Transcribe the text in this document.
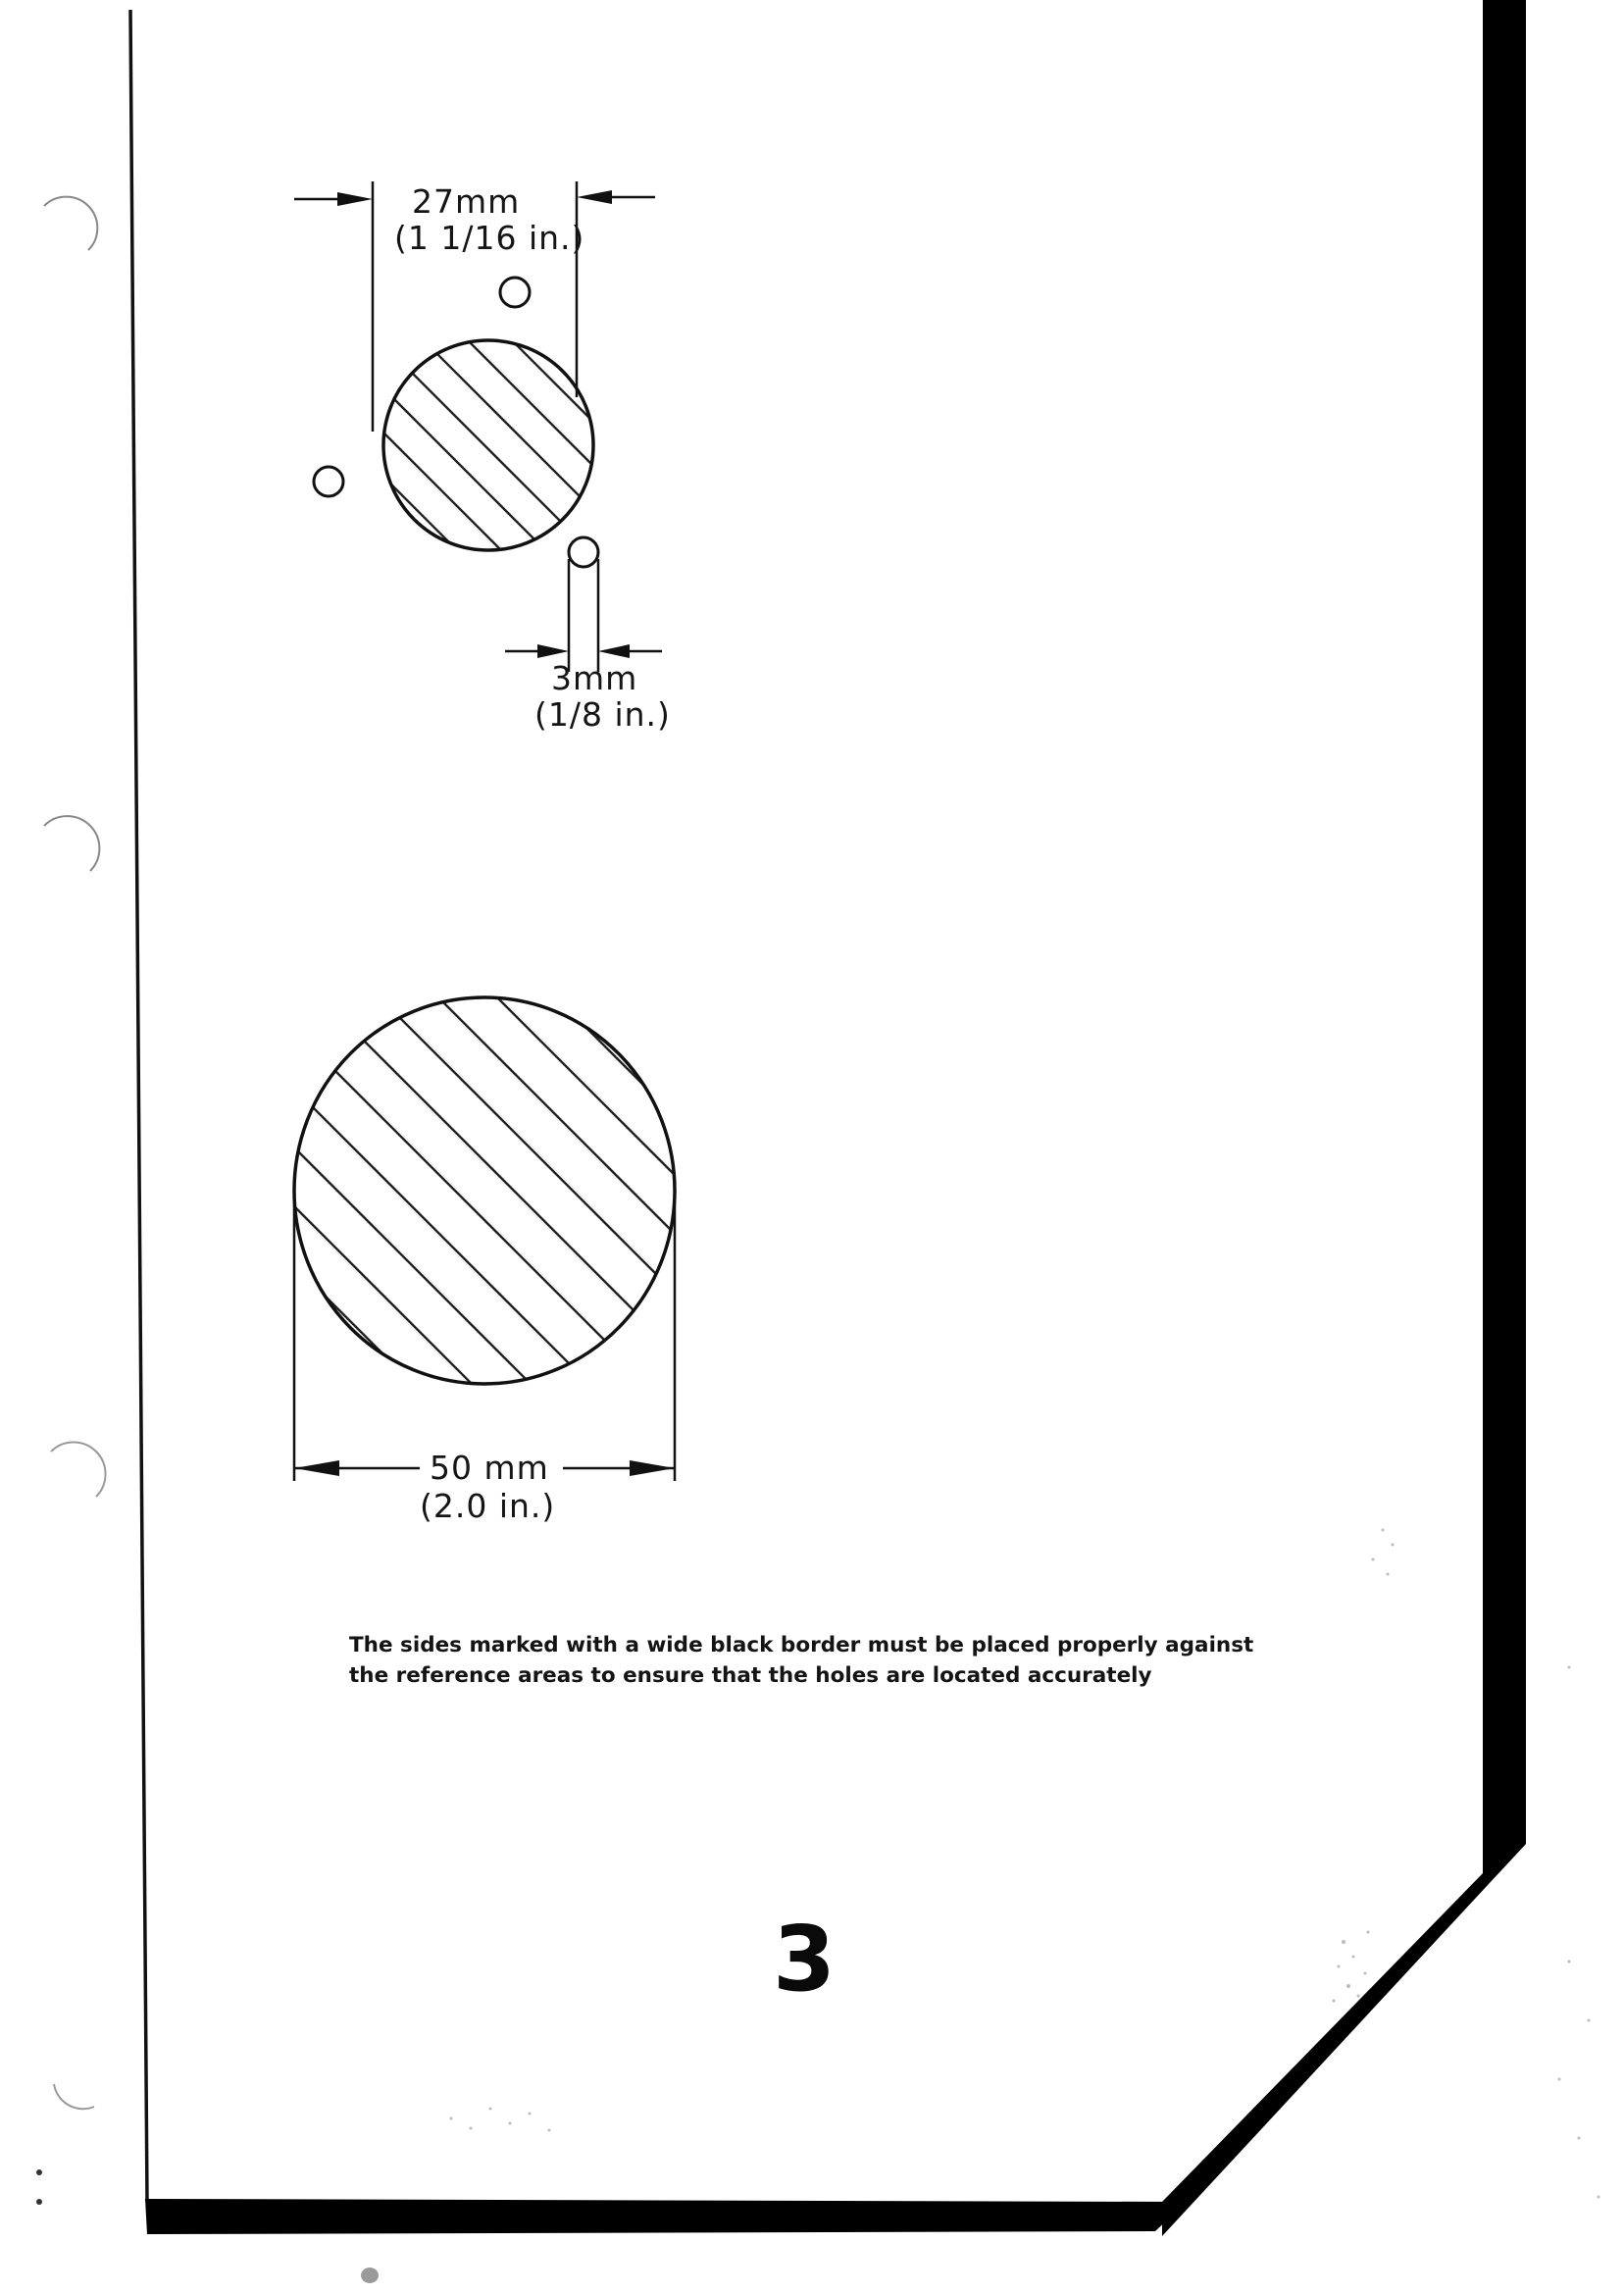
27mm
(1 1/16 in.)
3mm
(1/8 in.)
50 mm
(2.0 in.)
The sides marked with a wide black border must be placed properly against
the reference areas to ensure that the holes are located accurately
3
